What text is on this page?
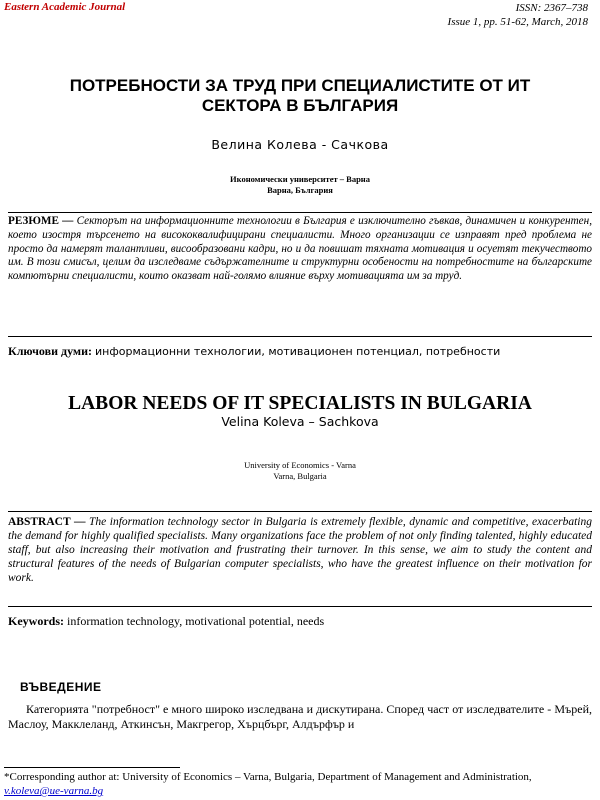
Eastern Academic Journal	ISSN: 2367–738
Issue 1, pp. 51-62, March, 2018
ПОТРЕБНОСТИ ЗА ТРУД ПРИ СПЕЦИАЛИСТИТЕ ОТ ИТ
СЕКТОРА В БЪЛГАРИЯ
Велина Колева - Сачкова
Икономически университет – Варна
Варна, България
РЕЗЮМЕ — Секторът на информационните технологии в България е изключително гъвкав, динамичен и конкурентен, което изостря търсенето на висококвалифицирани специалисти. Много организации се изправят пред проблема не просто да намерят талантливи, висообразовани кадри, но и да повишат тяхната мотивация и осуетят текучеството им. В този смисъл, целим да изследваме съдържателните и структурни особености на потребностите на българските компютърни специалисти, които оказват най-голямо влияние върху мотивацията им за труд.
Ключови думи: информационни технологии, мотивационен потенциал, потребности
LABOR NEEDS OF IT SPECIALISTS IN BULGARIA
Velina Koleva – Sachkova
University of Economics - Varna
Varna, Bulgaria
ABSTRACT — The information technology sector in Bulgaria is extremely flexible, dynamic and competitive, exacerbating the demand for highly qualified specialists. Many organizations face the problem of not only finding talented, highly educated staff, but also increasing their motivation and frustrating their turnover. In this sense, we aim to study the content and structural features of the needs of Bulgarian computer specialists, who have the greatest influence on their motivation for work.
Keywords: information technology, motivational potential, needs
ВЪВЕДЕНИЕ
Категорията "потребност" е много широко изследвана и дискутирана. Според част от изследвателите - Мърей, Маслоу, Макклеланд, Аткинсън, Макгрегор, Хърцбърг, Алдърфър и
*Corresponding author at: University of Economics – Varna, Bulgaria, Department of Management and Administration,
v.koleva@ue-varna.bg
